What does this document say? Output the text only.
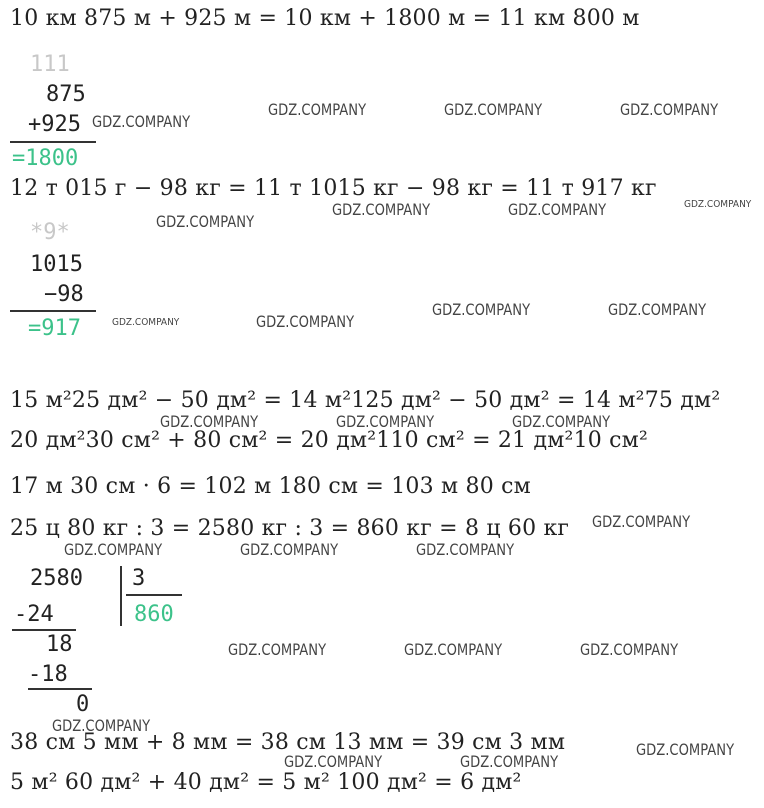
10 км 875 м + 925 м = 10 км + 1800 м = 11 км 800 м
111
875
+925
=1800
12 т 015 г − 98 кг = 11 т 1015 кг − 98 кг = 11 т 917 кг
*9*
1015
−98
=917
15 м²25 дм² − 50 дм² = 14 м²125 дм² − 50 дм² = 14 м²75 дм²
20 дм²30 см² + 80 см² = 20 дм²110 см² = 21 дм²10 см²
17 м 30 см · 6 = 102 м 180 см = 103 м 80 см
25 ц 80 кг : 3 = 2580 кг : 3 = 860 кг = 8 ц 60 кг
2580 3
860
-24
18
-18
0
38 см 5 мм + 8 мм = 38 см 13 мм = 39 см 3 мм
5 м² 60 дм² + 40 дм² = 5 м² 100 дм² = 6 дм²
GDZ.COMPANY	GDZ.COMPANY	GDZ.COMPANY
GDZ.COMPANY
GDZ.COMPANY	GDZ.COMPANY	GDZ.COMPANY
GDZ.COMPANY
GDZ.COMPANY	GDZ.COMPANY
GDZ.COMPANY
GDZ.COMPANY
GDZ.COMPANY	GDZ.COMPANY	GDZ.COMPANY
GDZ.COMPANY
GDZ.COMPANY	GDZ.COMPANY	GDZ.COMPANY
GDZ.COMPANY	GDZ.COMPANY	GDZ.COMPANY
GDZ.COMPANY
GDZ.COMPANY
GDZ.COMPANY	GDZ.COMPANY
